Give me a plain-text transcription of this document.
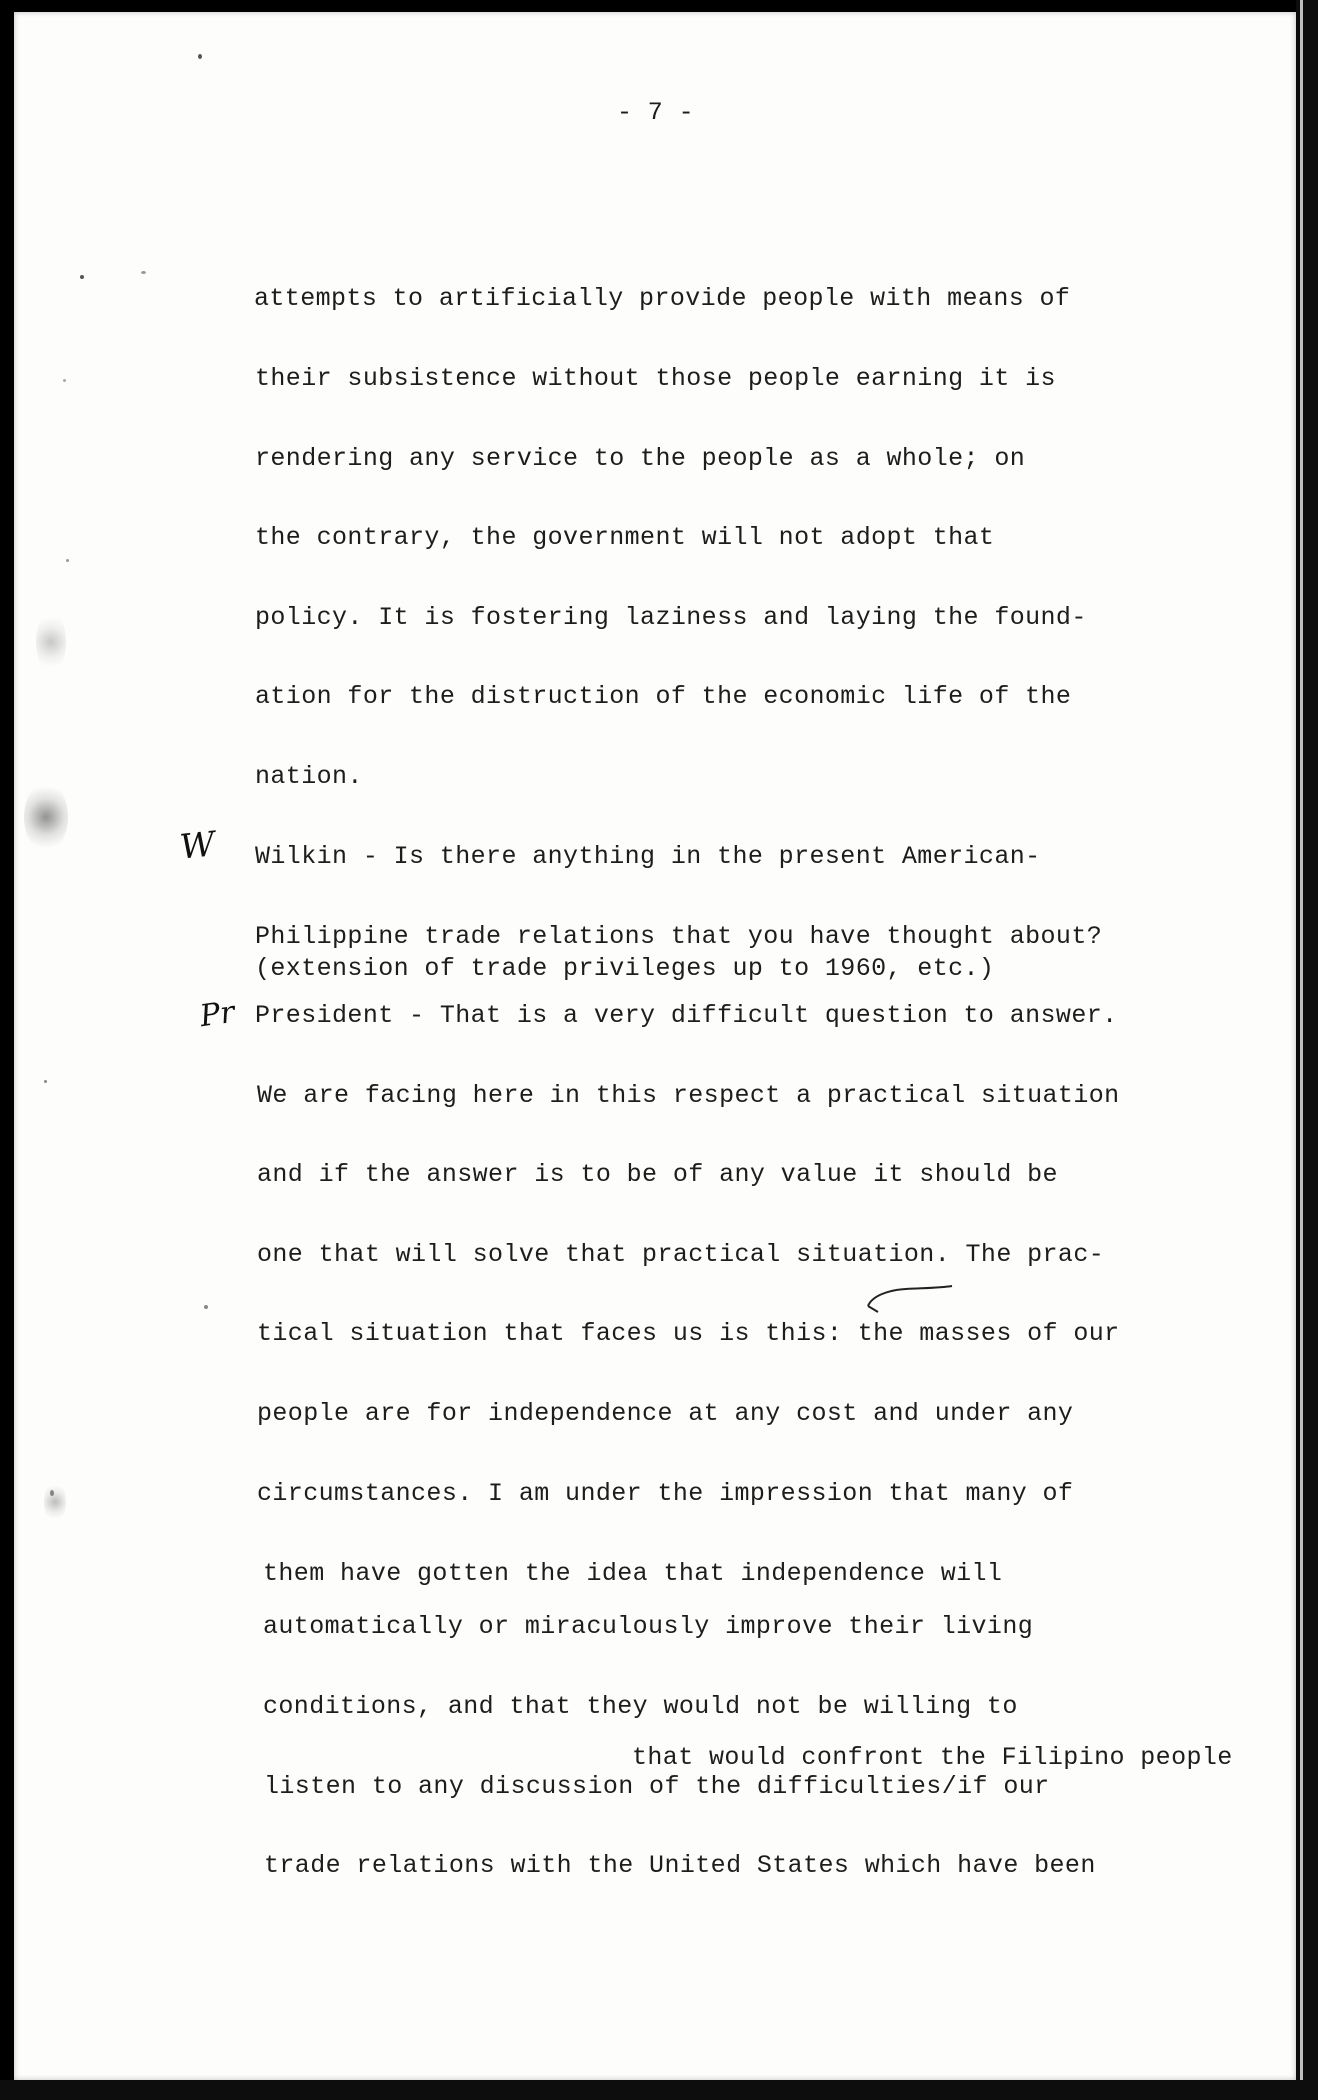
- 7 -
attempts to artificially provide people with means of
their subsistence without those people earning it is
rendering any service to the people as a whole; on
the contrary, the government will not adopt that
policy. It is fostering laziness and laying the found-
ation for the distruction of the economic life of the
nation.
W Wilkin - Is there anything in the present American-
Philippine trade relations that you have thought about?
(extension of trade privileges up to 1960, etc.)
Pr President - That is a very difficult question to answer.
We are facing here in this respect a practical situation
and if the answer is to be of any value it should be
one that will solve that practical situation. The prac-
tical situation that faces us is this: the masses of our
people are for independence at any cost and under any
circumstances. I am under the impression that many of
them have gotten the idea that independence will
automatically or miraculously improve their living
conditions, and that they would not be willing to
that would confront the Filipino people
listen to any discussion of the difficulties/if our
trade relations with the United States which have been
